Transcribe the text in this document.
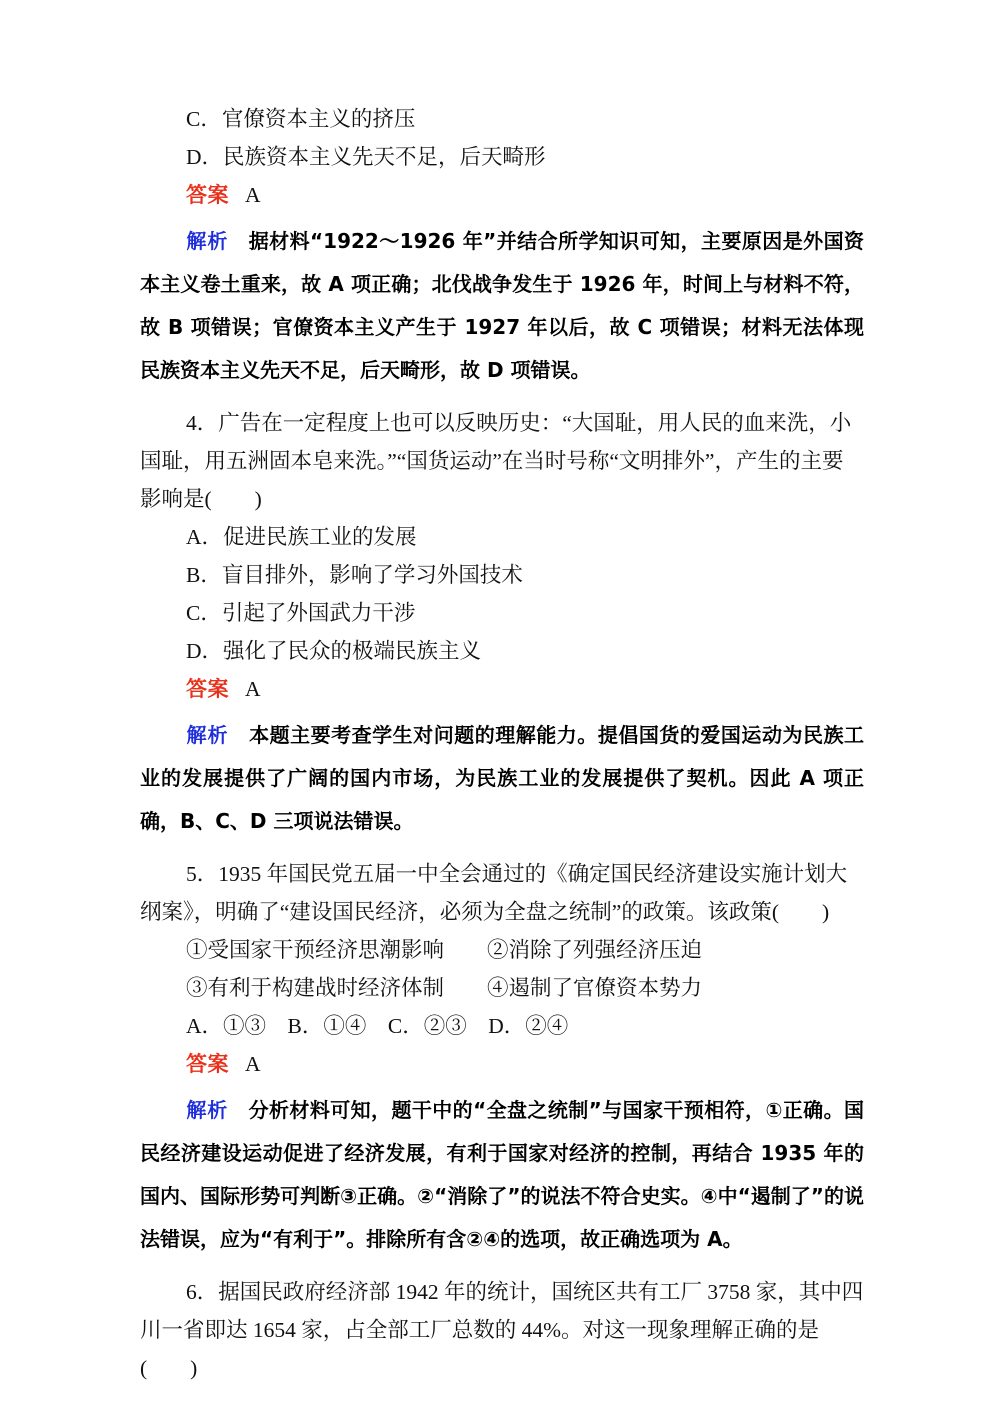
C．官僚资本主义的挤压
D．民族资本主义先天不足，后天畸形
答案 A
解析　 据材料“1922～1926 年”并结合所学知识可知，主要原因是外国资本主义卷土重来，故 A 项正确；北伐战争发生于 1926 年，时间上与材料不符，故 B 项错误；官僚资本主义产生于 1927 年以后，故 C 项错误；材料无法体现民族资本主义先天不足，后天畸形，故 D 项错误。
4．广告在一定程度上也可以反映历史：“大国耻，用人民的血来洗，小国耻，用五洲固本皂来洗。”“国货运动”在当时号称“文明排外”，产生的主要影响是(　　)
A．促进民族工业的发展
B．盲目排外，影响了学习外国技术
C．引起了外国武力干涉
D．强化了民众的极端民族主义
答案 A
解析　 本题主要考查学生对问题的理解能力。提倡国货的爱国运动为民族工业的发展提供了广阔的国内市场，为民族工业的发展提供了契机。因此 A 项正确，B、C、D 三项说法错误。
5．1935 年国民党五届一中全会通过的《确定国民经济建设实施计划大纲案》，明确了“建设国民经济，必须为全盘之统制”的政策。该政策(　　)
①受国家干预经济思潮影响　　②消除了列强经济压迫
③有利于构建战时经济体制　　④遏制了官僚资本势力
A．①③　B．①④　C．②③　D．②④
答案 A
解析　 分析材料可知，题干中的“全盘之统制”与国家干预相符，①正确。国民经济建设运动促进了经济发展，有利于国家对经济的控制，再结合 1935 年的国内、国际形势可判断③正确。②“消除了”的说法不符合史实。④中“遏制了”的说法错误，应为“有利于”。排除所有含②④的选项，故正确选项为 A。
6．据国民政府经济部 1942 年的统计，国统区共有工厂 3758 家，其中四川一省即达 1654 家，占全部工厂总数的 44%。对这一现象理解正确的是(　　)
